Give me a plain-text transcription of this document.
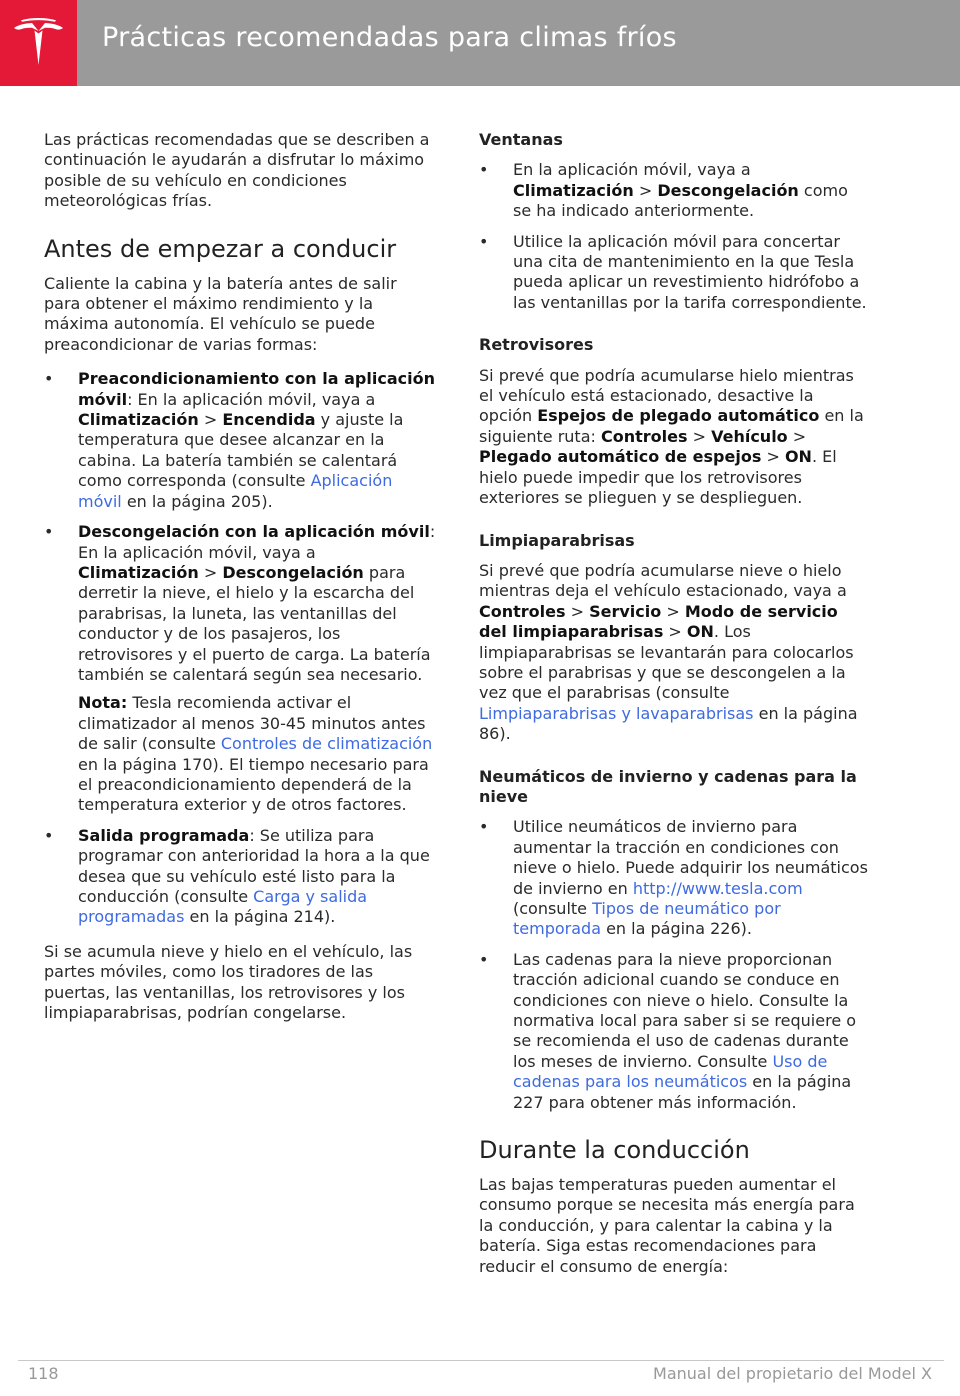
Prácticas recomendadas para climas fríos

Las prácticas recomendadas que se describen a continuación le ayudarán a disfrutar lo máximo posible de su vehículo en condiciones meteorológicas frías.

Antes de empezar a conducir

Caliente la cabina y la batería antes de salir para obtener el máximo rendimiento y la máxima autonomía. El vehículo se puede preacondicionar de varias formas:

• Preacondicionamiento con la aplicación móvil: En la aplicación móvil, vaya a Climatización > Encendida y ajuste la temperatura que desee alcanzar en la cabina. La batería también se calentará como corresponda (consulte Aplicación móvil en la página 205).
• Descongelación con la aplicación móvil: En la aplicación móvil, vaya a Climatización > Descongelación para derretir la nieve, el hielo y la escarcha del parabrisas, la luneta, las ventanillas del conductor y de los pasajeros, los retrovisores y el puerto de carga. La batería también se calentará según sea necesario.

Nota: Tesla recomienda activar el climatizador al menos 30-45 minutos antes de salir (consulte Controles de climatización en la página 170). El tiempo necesario para el preacondicionamiento dependerá de la temperatura exterior y de otros factores.

• Salida programada: Se utiliza para programar con anterioridad la hora a la que desea que su vehículo esté listo para la conducción (consulte Carga y salida programadas en la página 214).

Si se acumula nieve y hielo en el vehículo, las partes móviles, como los tiradores de las puertas, las ventanillas, los retrovisores y los limpiaparabrisas, podrían congelarse.

Ventanas
• En la aplicación móvil, vaya a Climatización > Descongelación como se ha indicado anteriormente.
• Utilice la aplicación móvil para concertar una cita de mantenimiento en la que Tesla pueda aplicar un revestimiento hidrófobo a las ventanillas por la tarifa correspondiente.
Retrovisores

Si prevé que podría acumularse hielo mientras el vehículo está estacionado, desactive la opción Espejos de plegado automático en la siguiente ruta: Controles > Vehículo > Plegado automático de espejos > ON. El hielo puede impedir que los retrovisores exteriores se plieguen y se desplieguen.

Limpiaparabrisas

Si prevé que podría acumularse nieve o hielo mientras deja el vehículo estacionado, vaya a Controles > Servicio > Modo de servicio del limpiaparabrisas > ON. Los limpiaparabrisas se levantarán para colocarlos sobre el parabrisas y que se descongelen a la vez que el parabrisas (consulte Limpiaparabrisas y lavaparabrisas en la página 86).

Neumáticos de invierno y cadenas para la nieve
• Utilice neumáticos de invierno para aumentar la tracción en condiciones con nieve o hielo. Puede adquirir los neumáticos de invierno en http://www.tesla.com (consulte Tipos de neumático por temporada en la página 226).
• Las cadenas para la nieve proporcionan tracción adicional cuando se conduce en condiciones con nieve o hielo. Consulte la normativa local para saber si se requiere o se recomienda el uso de cadenas durante los meses de invierno. Consulte Uso de cadenas para los neumáticos en la página 227 para obtener más información.
Durante la conducción

Las bajas temperaturas pueden aumentar el consumo porque se necesita más energía para la conducción, y para calentar la cabina y la batería. Siga estas recomendaciones para reducir el consumo de energía:

118	Manual del propietario del Model X
